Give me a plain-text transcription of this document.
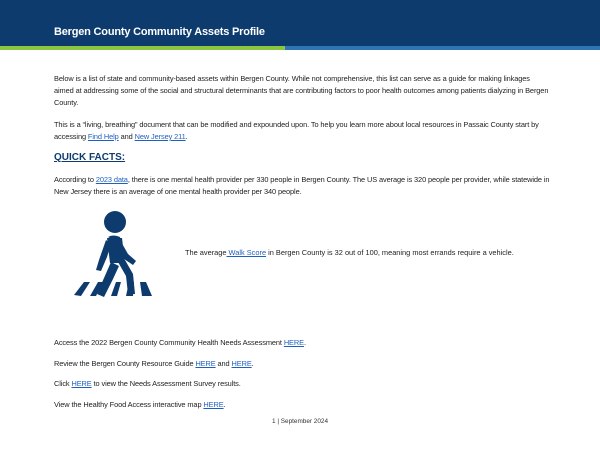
Bergen County Community Assets Profile

Below is a list of state and community-based assets within Bergen County. While not comprehensive, this list can serve as a guide for making linkages aimed at addressing some of the social and structural determinants that are contributing factors to poor health outcomes among patients dialyzing in Bergen County.

This is a “living, breathing” document that can be modified and expounded upon. To help you learn more about local resources in Passaic County start by accessing Find Help and New Jersey 211.

QUICK FACTS:

According to 2023 data, there is one mental health provider per 330 people in Bergen County. The US average is 320 people per provider, while statewide in New Jersey there is an average of one mental health provider per 340 people.

The average Walk Score in Bergen County is 32 out of 100, meaning most errands require a vehicle.

Access the 2022 Bergen County Community Health Needs Assessment HERE.

Review the Bergen County Resource Guide HERE and HERE.

Click HERE to view the Needs Assessment Survey results.

View the Healthy Food Access interactive map HERE.

1 | September 2024
